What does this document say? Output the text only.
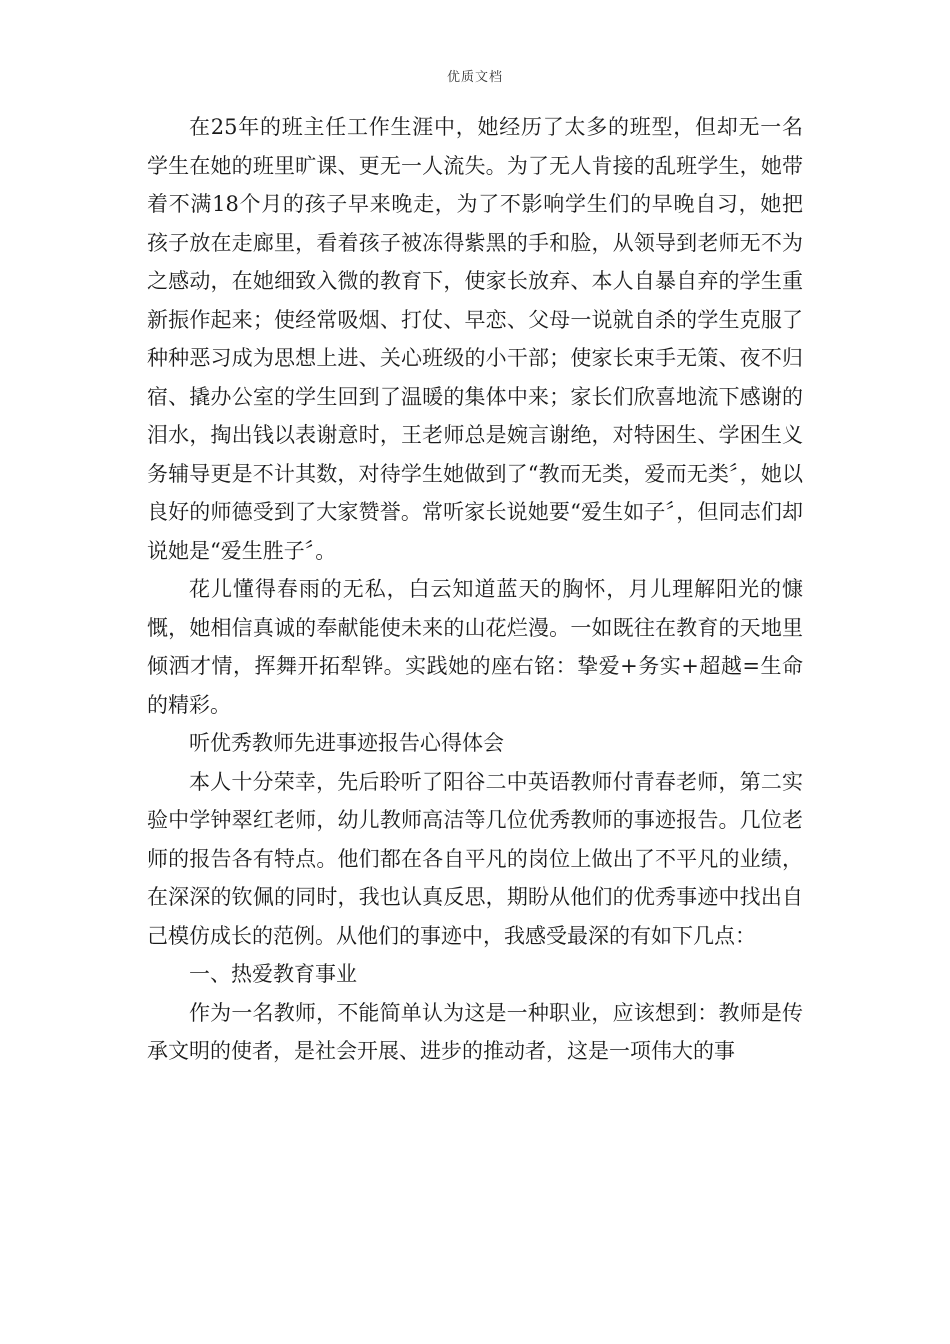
优质文档

在25年的班主任工作生涯中，她经历了太多的班型，但却无一名学生在她的班里旷课、更无一人流失。为了无人肯接的乱班学生，她带着不满18个月的孩子早来晚走，为了不影响学生们的早晚自习，她把孩子放在走廊里，看着孩子被冻得紫黑的手和脸，从领导到老师无不为之感动，在她细致入微的教育下，使家长放弃、本人自暴自弃的学生重新振作起来；使经常吸烟、打仗、早恋、父母一说就自杀的学生克服了种种恶习成为思想上进、关心班级的小干部；使家长束手无策、夜不归宿、撬办公室的学生回到了温暖的集体中来；家长们欣喜地流下感谢的泪水，掏出钱以表谢意时，王老师总是婉言谢绝，对特困生、学困生义务辅导更是不计其数，对待学生她做到了“教而无类，爱而无类〞，她以良好的师德受到了大家赞誉。常听家长说她要“爱生如子〞，但同志们却说她是“爱生胜子〞。

花儿懂得春雨的无私，白云知道蓝天的胸怀，月儿理解阳光的慷慨，她相信真诚的奉献能使未来的山花烂漫。一如既往在教育的天地里倾洒才情，挥舞开拓犁铧。实践她的座右铭：挚爱+务实+超越=生命的精彩。

听优秀教师先进事迹报告心得体会

本人十分荣幸，先后聆听了阳谷二中英语教师付青春老师，第二实验中学钟翠红老师，幼儿教师高洁等几位优秀教师的事迹报告。几位老师的报告各有特点。他们都在各自平凡的岗位上做出了不平凡的业绩，在深深的钦佩的同时，我也认真反思，期盼从他们的优秀事迹中找出自己模仿成长的范例。从他们的事迹中，我感受最深的有如下几点：

一、热爱教育事业

作为一名教师，不能简单认为这是一种职业，应该想到：教师是传承文明的使者，是社会开展、进步的推动者，这是一项伟大的事
